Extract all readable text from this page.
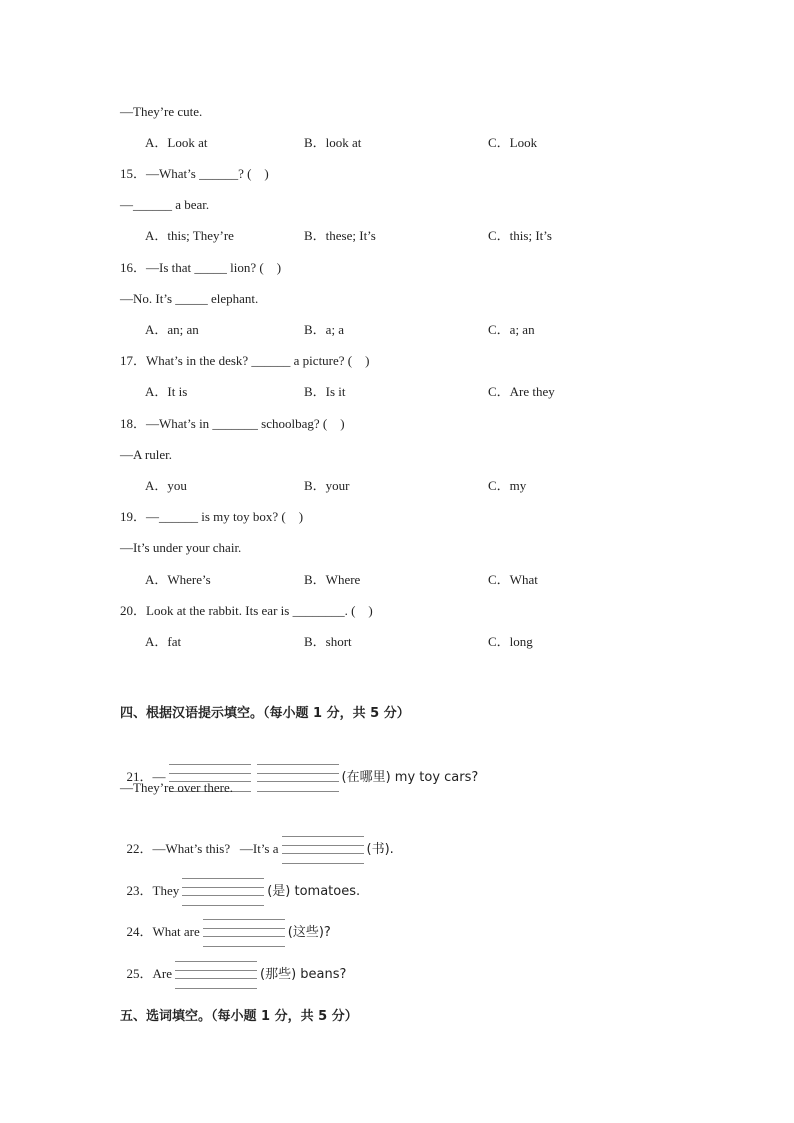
—They’re cute.
A．Look at	B．look at	C．Look
15．—What’s ______? (    )
—______ a bear.
A．this; They’re	B．these; It’s	C．this; It’s
16．—Is that _____ lion? (    )
—No. It’s _____ elephant.
A．an; an	B．a; a	C．a; an
17．What’s in the desk? ______ a picture? (    )
A．It is	B．Is it	C．Are they
18．—What’s in _______ schoolbag? (    )
—A ruler.
A．you	B．your	C．my
19．—______ is my toy box? (    )
—It’s under your chair.
A．Where’s	B．Where	C．What
20．Look at the rabbit. Its ear is ________. (    )
A．fat	B．short	C．long
四、根据汉语提示填空。（每小题 1 分，共 5 分）

21．—	(在哪里) my toy cars?

—They’re over there.

22．—What’s this?   —It’s a	(书).

23．They	(是) tomatoes.

24．What are	(这些)?

25．Are	(那些) beans?

五、选词填空。（每小题 1 分，共 5 分）
